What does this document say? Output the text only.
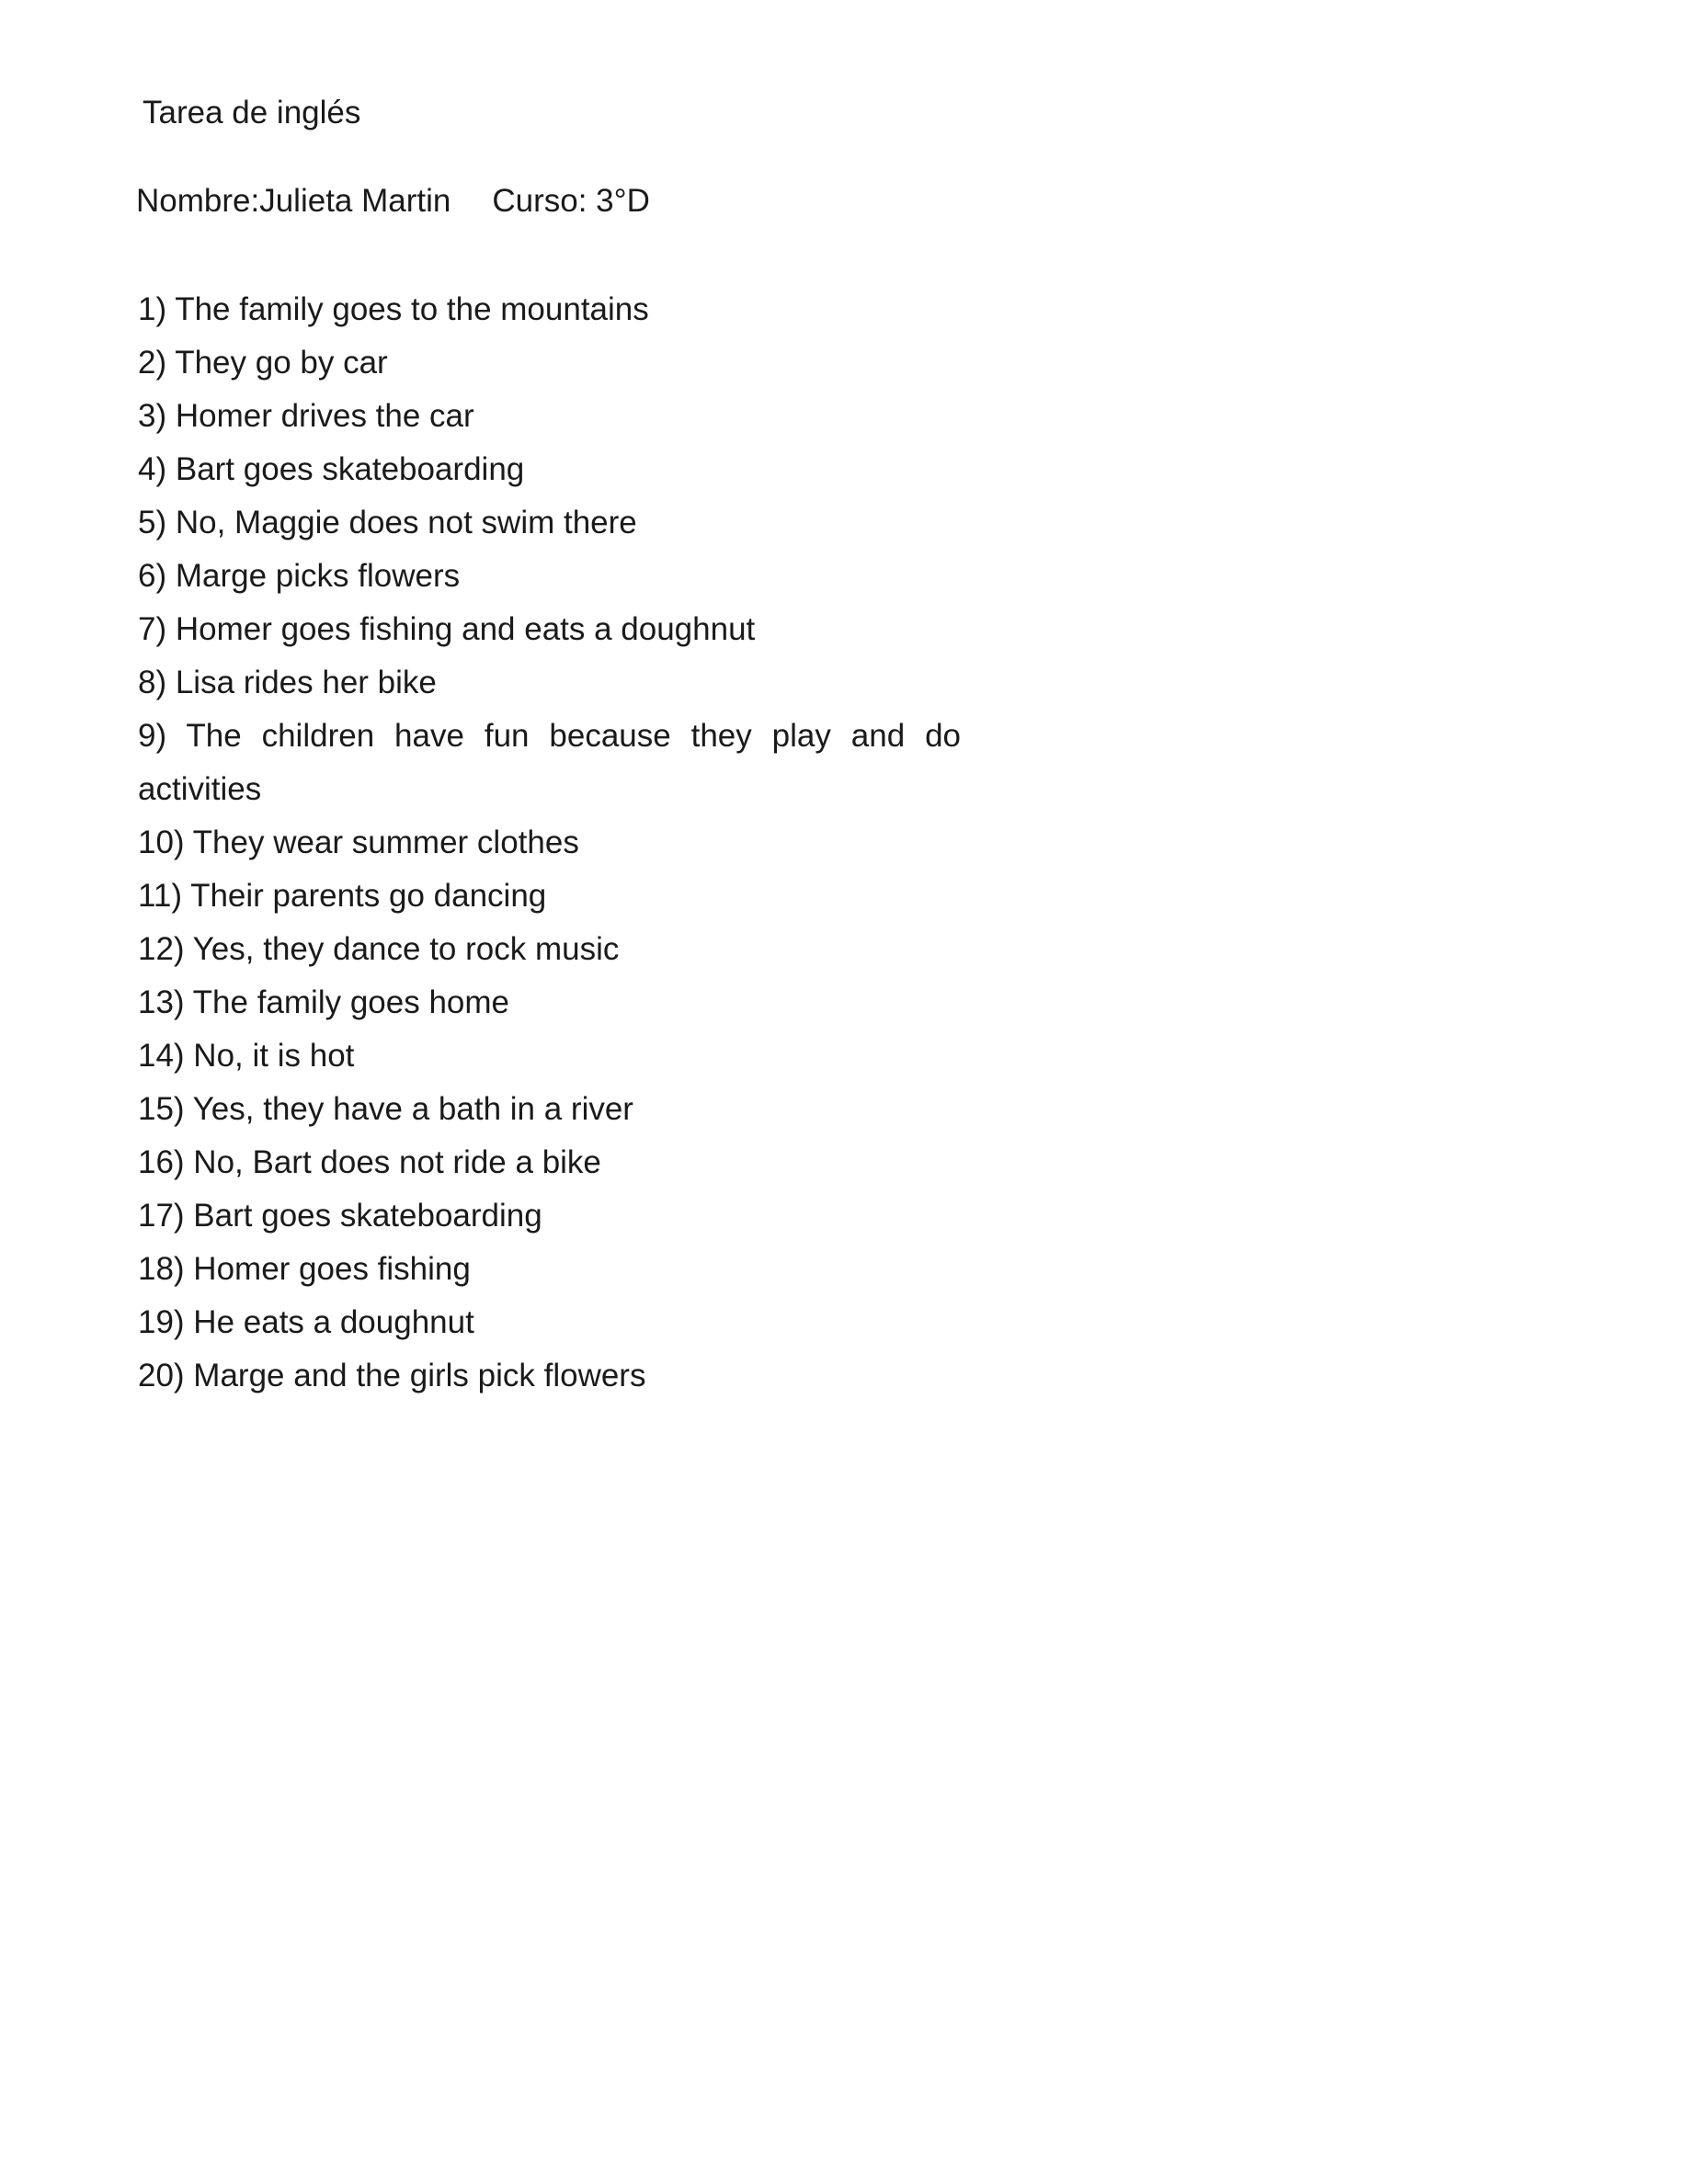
Tarea de inglés
Nombre:Julieta Martin Curso: 3°D

1) The family goes to the mountains

2) They go by car

3) Homer drives the car

4) Bart goes skateboarding

5) No, Maggie does not swim there

6) Marge picks flowers

7) Homer goes fishing and eats a doughnut

8) Lisa rides her bike

9) The children have fun because they play and do activities

10) They wear summer clothes

11) Their parents go dancing

12) Yes, they dance to rock music

13) The family goes home

14) No, it is hot

15) Yes, they have a bath in a river

16) No, Bart does not ride a bike

17) Bart goes skateboarding

18) Homer goes fishing

19) He eats a doughnut

20) Marge and the girls pick flowers
